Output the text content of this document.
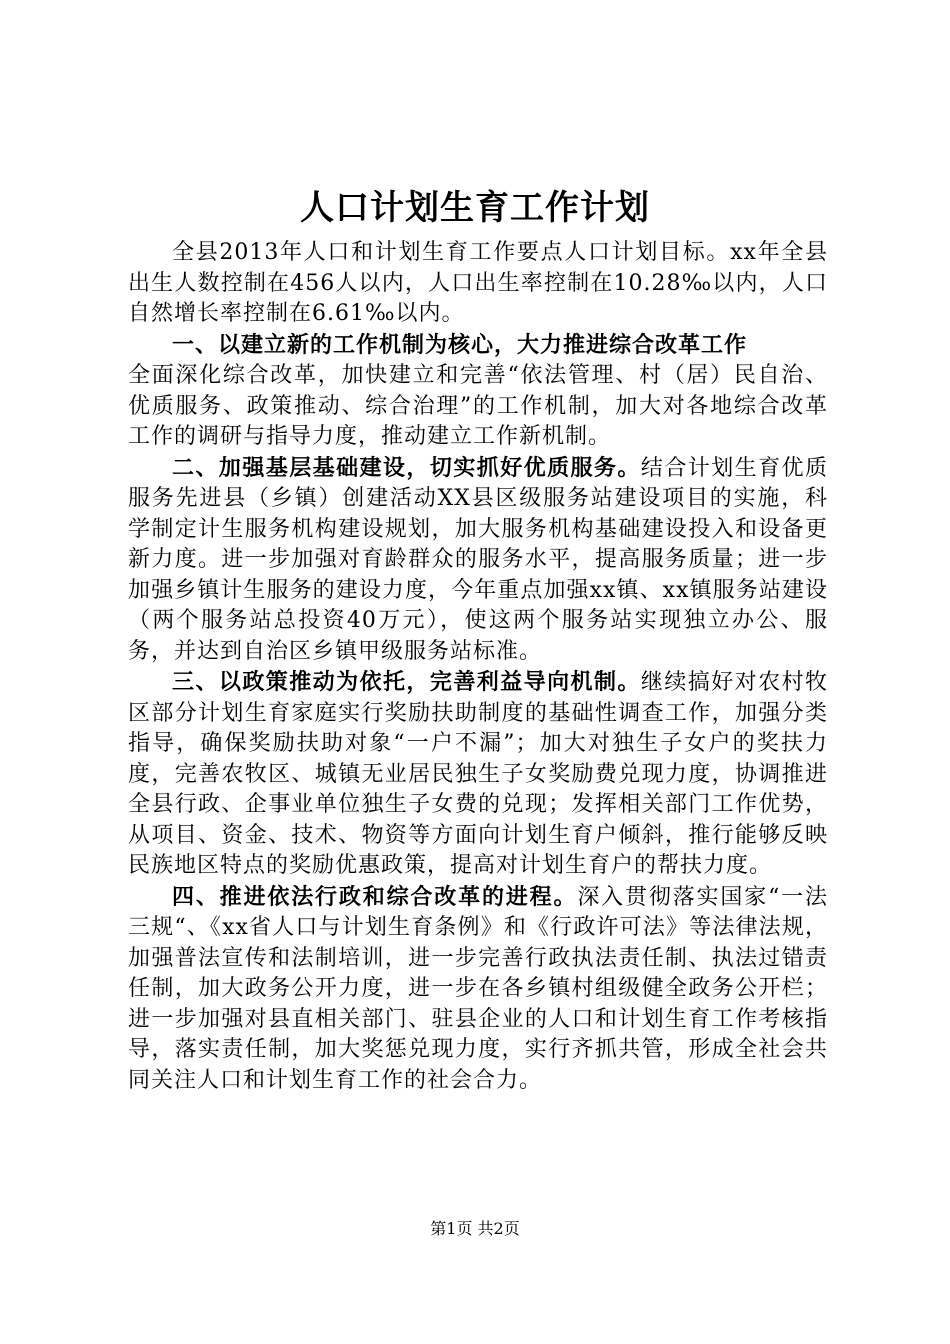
人口计划生育工作计划

全县2013年人口和计划生育工作要点人口计划目标。xx年全县出生人数控制在456人以内，人口出生率控制在10.28‰以内，人口自然增长率控制在6.61‰以内。

一、以建立新的工作机制为核心，大力推进综合改革工作
全面深化综合改革，加快建立和完善“依法管理、村（居）民自治、优质服务、政策推动、综合治理”的工作机制，加大对各地综合改革工作的调研与指导力度，推动建立工作新机制。

二、加强基层基础建设，切实抓好优质服务。结合计划生育优质服务先进县（乡镇）创建活动XX县区级服务站建设项目的实施，科学制定计生服务机构建设规划，加大服务机构基础建设投入和设备更新力度。进一步加强对育龄群众的服务水平，提高服务质量；进一步加强乡镇计生服务的建设力度，今年重点加强xx镇、xx镇服务站建设（两个服务站总投资40万元），使这两个服务站实现独立办公、服务，并达到自治区乡镇甲级服务站标准。

三、以政策推动为依托，完善利益导向机制。继续搞好对农村牧区部分计划生育家庭实行奖励扶助制度的基础性调查工作，加强分类指导，确保奖励扶助对象“一户不漏”；加大对独生子女户的奖扶力度，完善农牧区、城镇无业居民独生子女奖励费兑现力度，协调推进全县行政、企事业单位独生子女费的兑现；发挥相关部门工作优势，从项目、资金、技术、物资等方面向计划生育户倾斜，推行能够反映民族地区特点的奖励优惠政策，提高对计划生育户的帮扶力度。

四、推进依法行政和综合改革的进程。深入贯彻落实国家“一法三规“、《xx省人口与计划生育条例》和《行政许可法》等法律法规，加强普法宣传和法制培训，进一步完善行政执法责任制、执法过错责任制，加大政务公开力度，进一步在各乡镇村组级健全政务公开栏；进一步加强对县直相关部门、驻县企业的人口和计划生育工作考核指导，落实责任制，加大奖惩兑现力度，实行齐抓共管，形成全社会共同关注人口和计划生育工作的社会合力。

第1页 共2页
